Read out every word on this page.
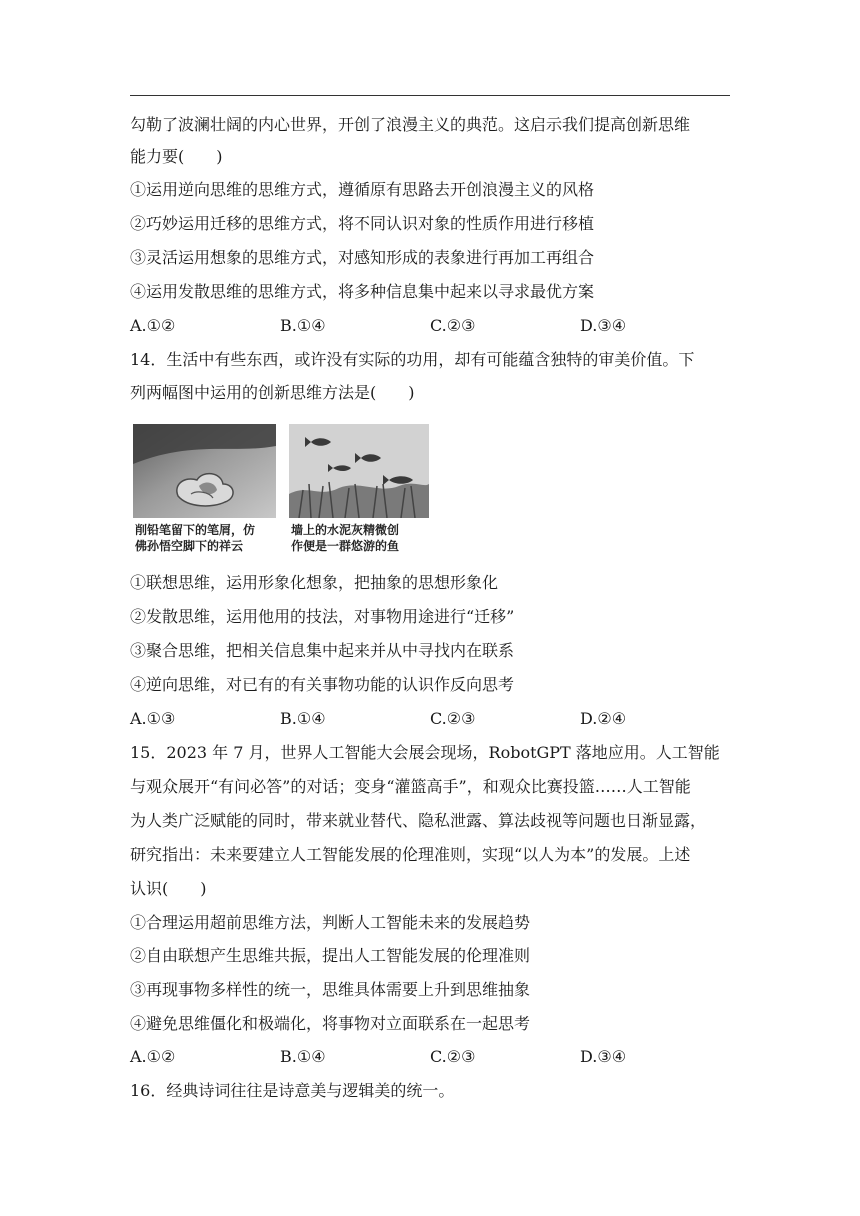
勾勒了波澜壮阔的内心世界，开创了浪漫主义的典范。这启示我们提高创新思维
能力要(　　)
①运用逆向思维的思维方式，遵循原有思路去开创浪漫主义的风格
②巧妙运用迁移的思维方式，将不同认识对象的性质作用进行移植
③灵活运用想象的思维方式，对感知形成的表象进行再加工再组合
④运用发散思维的思维方式，将多种信息集中起来以寻求最优方案
A.①②	B.①④	C.②③	D.③④
14．生活中有些东西，或许没有实际的功用，却有可能蕴含独特的审美价值。下
列两幅图中运用的创新思维方法是(　　)
削铅笔留下的笔屑，仿
佛孙悟空脚下的祥云
墙上的水泥灰精微创
作便是一群悠游的鱼
①联想思维，运用形象化想象，把抽象的思想形象化
②发散思维，运用他用的技法，对事物用途进行“迁移”
③聚合思维，把相关信息集中起来并从中寻找内在联系
④逆向思维，对已有的有关事物功能的认识作反向思考
A.①③	B.①④	C.②③	D.②④
15．2023 年 7 月，世界人工智能大会展会现场，RobotGPT 落地应用。人工智能
与观众展开“有问必答”的对话；变身“灌篮高手”，和观众比赛投篮……人工智能
为人类广泛赋能的同时，带来就业替代、隐私泄露、算法歧视等问题也日渐显露，
研究指出：未来要建立人工智能发展的伦理准则，实现“以人为本”的发展。上述
认识(　　)
①合理运用超前思维方法，判断人工智能未来的发展趋势
②自由联想产生思维共振，提出人工智能发展的伦理准则
③再现事物多样性的统一，思维具体需要上升到思维抽象
④避免思维僵化和极端化，将事物对立面联系在一起思考
A.①②	B.①④	C.②③	D.③④
16．经典诗词往往是诗意美与逻辑美的统一。
